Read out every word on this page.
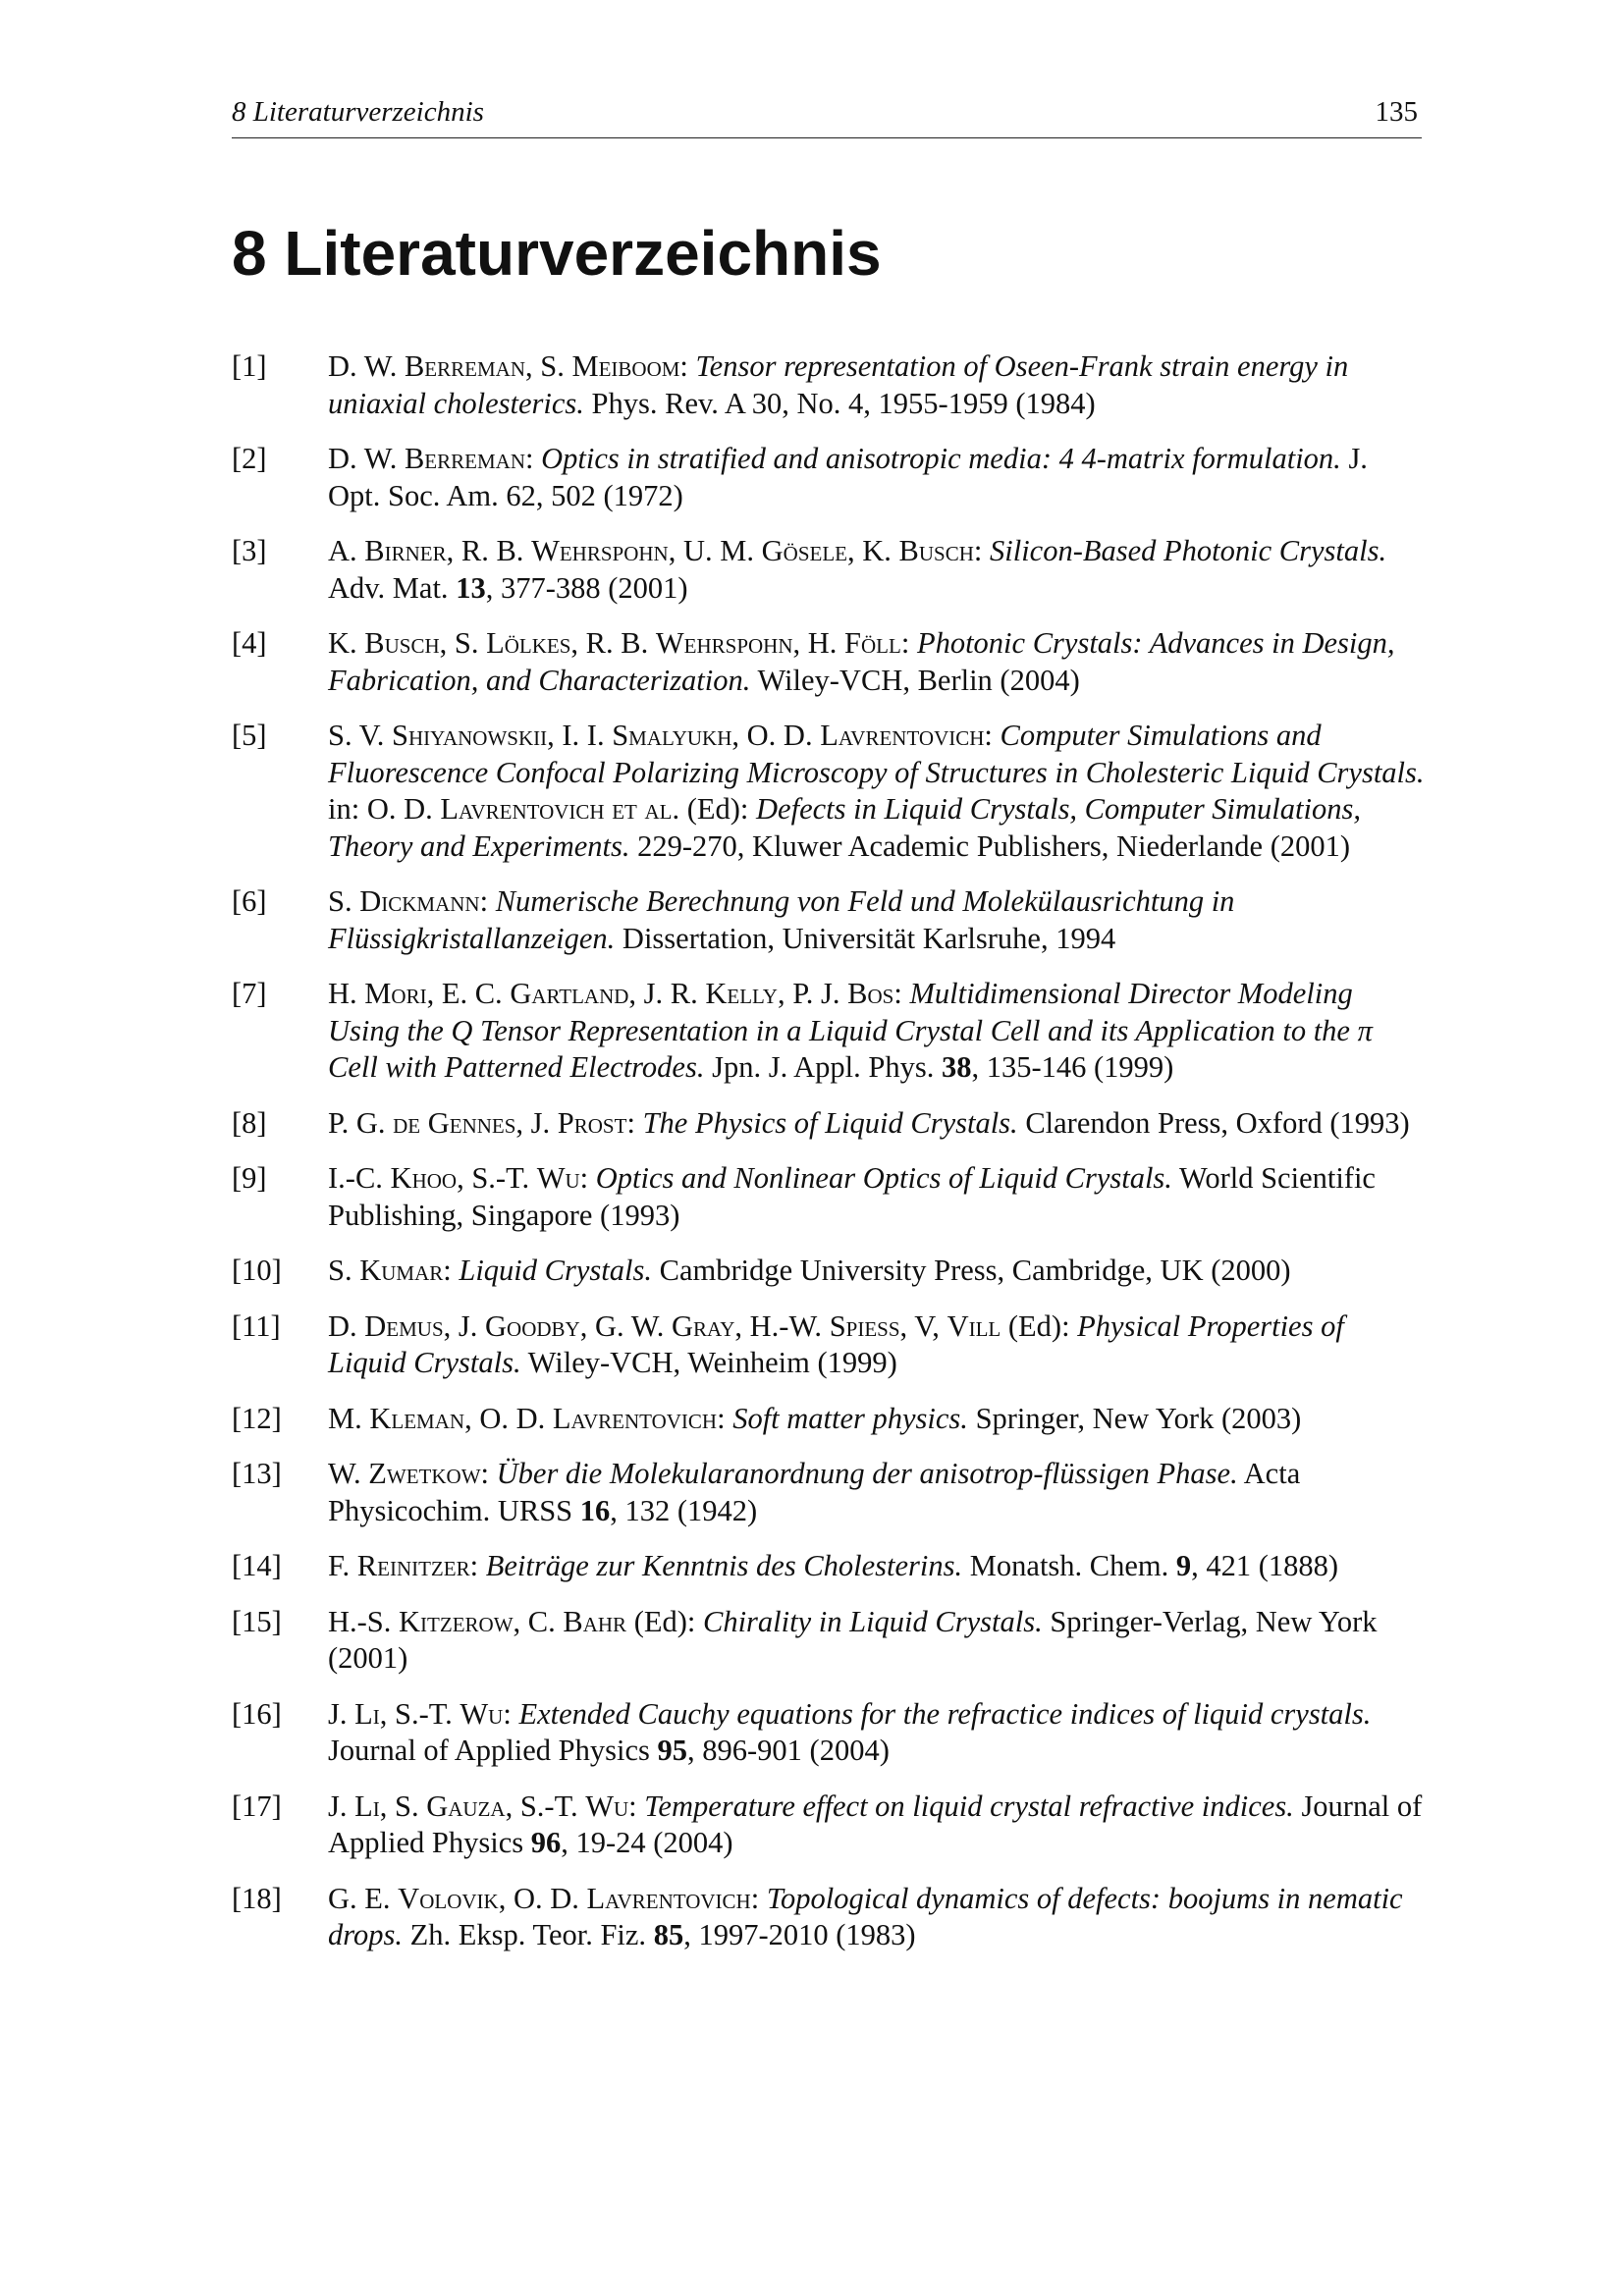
8 Literaturverzeichnis	135
8 Literaturverzeichnis
[1] D. W. Berreman, S. Meiboom: Tensor representation of Oseen-Frank strain energy in uniaxial cholesterics. Phys. Rev. A 30, No. 4, 1955-1959 (1984)
[2] D. W. Berreman: Optics in stratified and anisotropic media: 4 4-matrix formulation. J. Opt. Soc. Am. 62, 502 (1972)
[3] A. Birner, R. B. Wehrspohn, U. M. Gösele, K. Busch: Silicon-Based Photonic Crystals. Adv. Mat. 13, 377-388 (2001)
[4] K. Busch, S. Lölkes, R. B. Wehrspohn, H. Föll: Photonic Crystals: Advances in Design, Fabrication, and Characterization. Wiley-VCH, Berlin (2004)
[5] S. V. Shiyanowskii, I. I. Smalyukh, O. D. Lavrentovich: Computer Simulations and Fluorescence Confocal Polarizing Microscopy of Structures in Cholesteric Liquid Crystals. in: O. D. Lavrentovich et al. (Ed): Defects in Liquid Crystals, Computer Simulations, Theory and Experiments. 229-270, Kluwer Academic Publishers, Niederlande (2001)
[6] S. Dickmann: Numerische Berechnung von Feld und Molekülausrichtung in Flüssigkristallanzeigen. Dissertation, Universität Karlsruhe, 1994
[7] H. Mori, E. C. Gartland, J. R. Kelly, P. J. Bos: Multidimensional Director Modeling Using the Q Tensor Representation in a Liquid Crystal Cell and its Application to the π Cell with Patterned Electrodes. Jpn. J. Appl. Phys. 38, 135-146 (1999)
[8] P. G. de Gennes, J. Prost: The Physics of Liquid Crystals. Clarendon Press, Oxford (1993)
[9] I.-C. Khoo, S.-T. Wu: Optics and Nonlinear Optics of Liquid Crystals. World Scientific Publishing, Singapore (1993)
[10] S. Kumar: Liquid Crystals. Cambridge University Press, Cambridge, UK (2000)
[11] D. Demus, J. Goodby, G. W. Gray, H.-W. Spiess, V, Vill (Ed): Physical Properties of Liquid Crystals. Wiley-VCH, Weinheim (1999)
[12] M. Kleman, O. D. Lavrentovich: Soft matter physics. Springer, New York (2003)
[13] W. Zwetkow: Über die Molekularanordnung der anisotrop-flüssigen Phase. Acta Physicochim. URSS 16, 132 (1942)
[14] F. Reinitzer: Beiträge zur Kenntnis des Cholesterins. Monatsh. Chem. 9, 421 (1888)
[15] H.-S. Kitzerow, C. Bahr (Ed): Chirality in Liquid Crystals. Springer-Verlag, New York (2001)
[16] J. Li, S.-T. Wu: Extended Cauchy equations for the refractice indices of liquid crystals. Journal of Applied Physics 95, 896-901 (2004)
[17] J. Li, S. Gauza, S.-T. Wu: Temperature effect on liquid crystal refractive indices. Journal of Applied Physics 96, 19-24 (2004)
[18] G. E. Volovik, O. D. Lavrentovich: Topological dynamics of defects: boojums in nematic drops. Zh. Eksp. Teor. Fiz. 85, 1997-2010 (1983)
